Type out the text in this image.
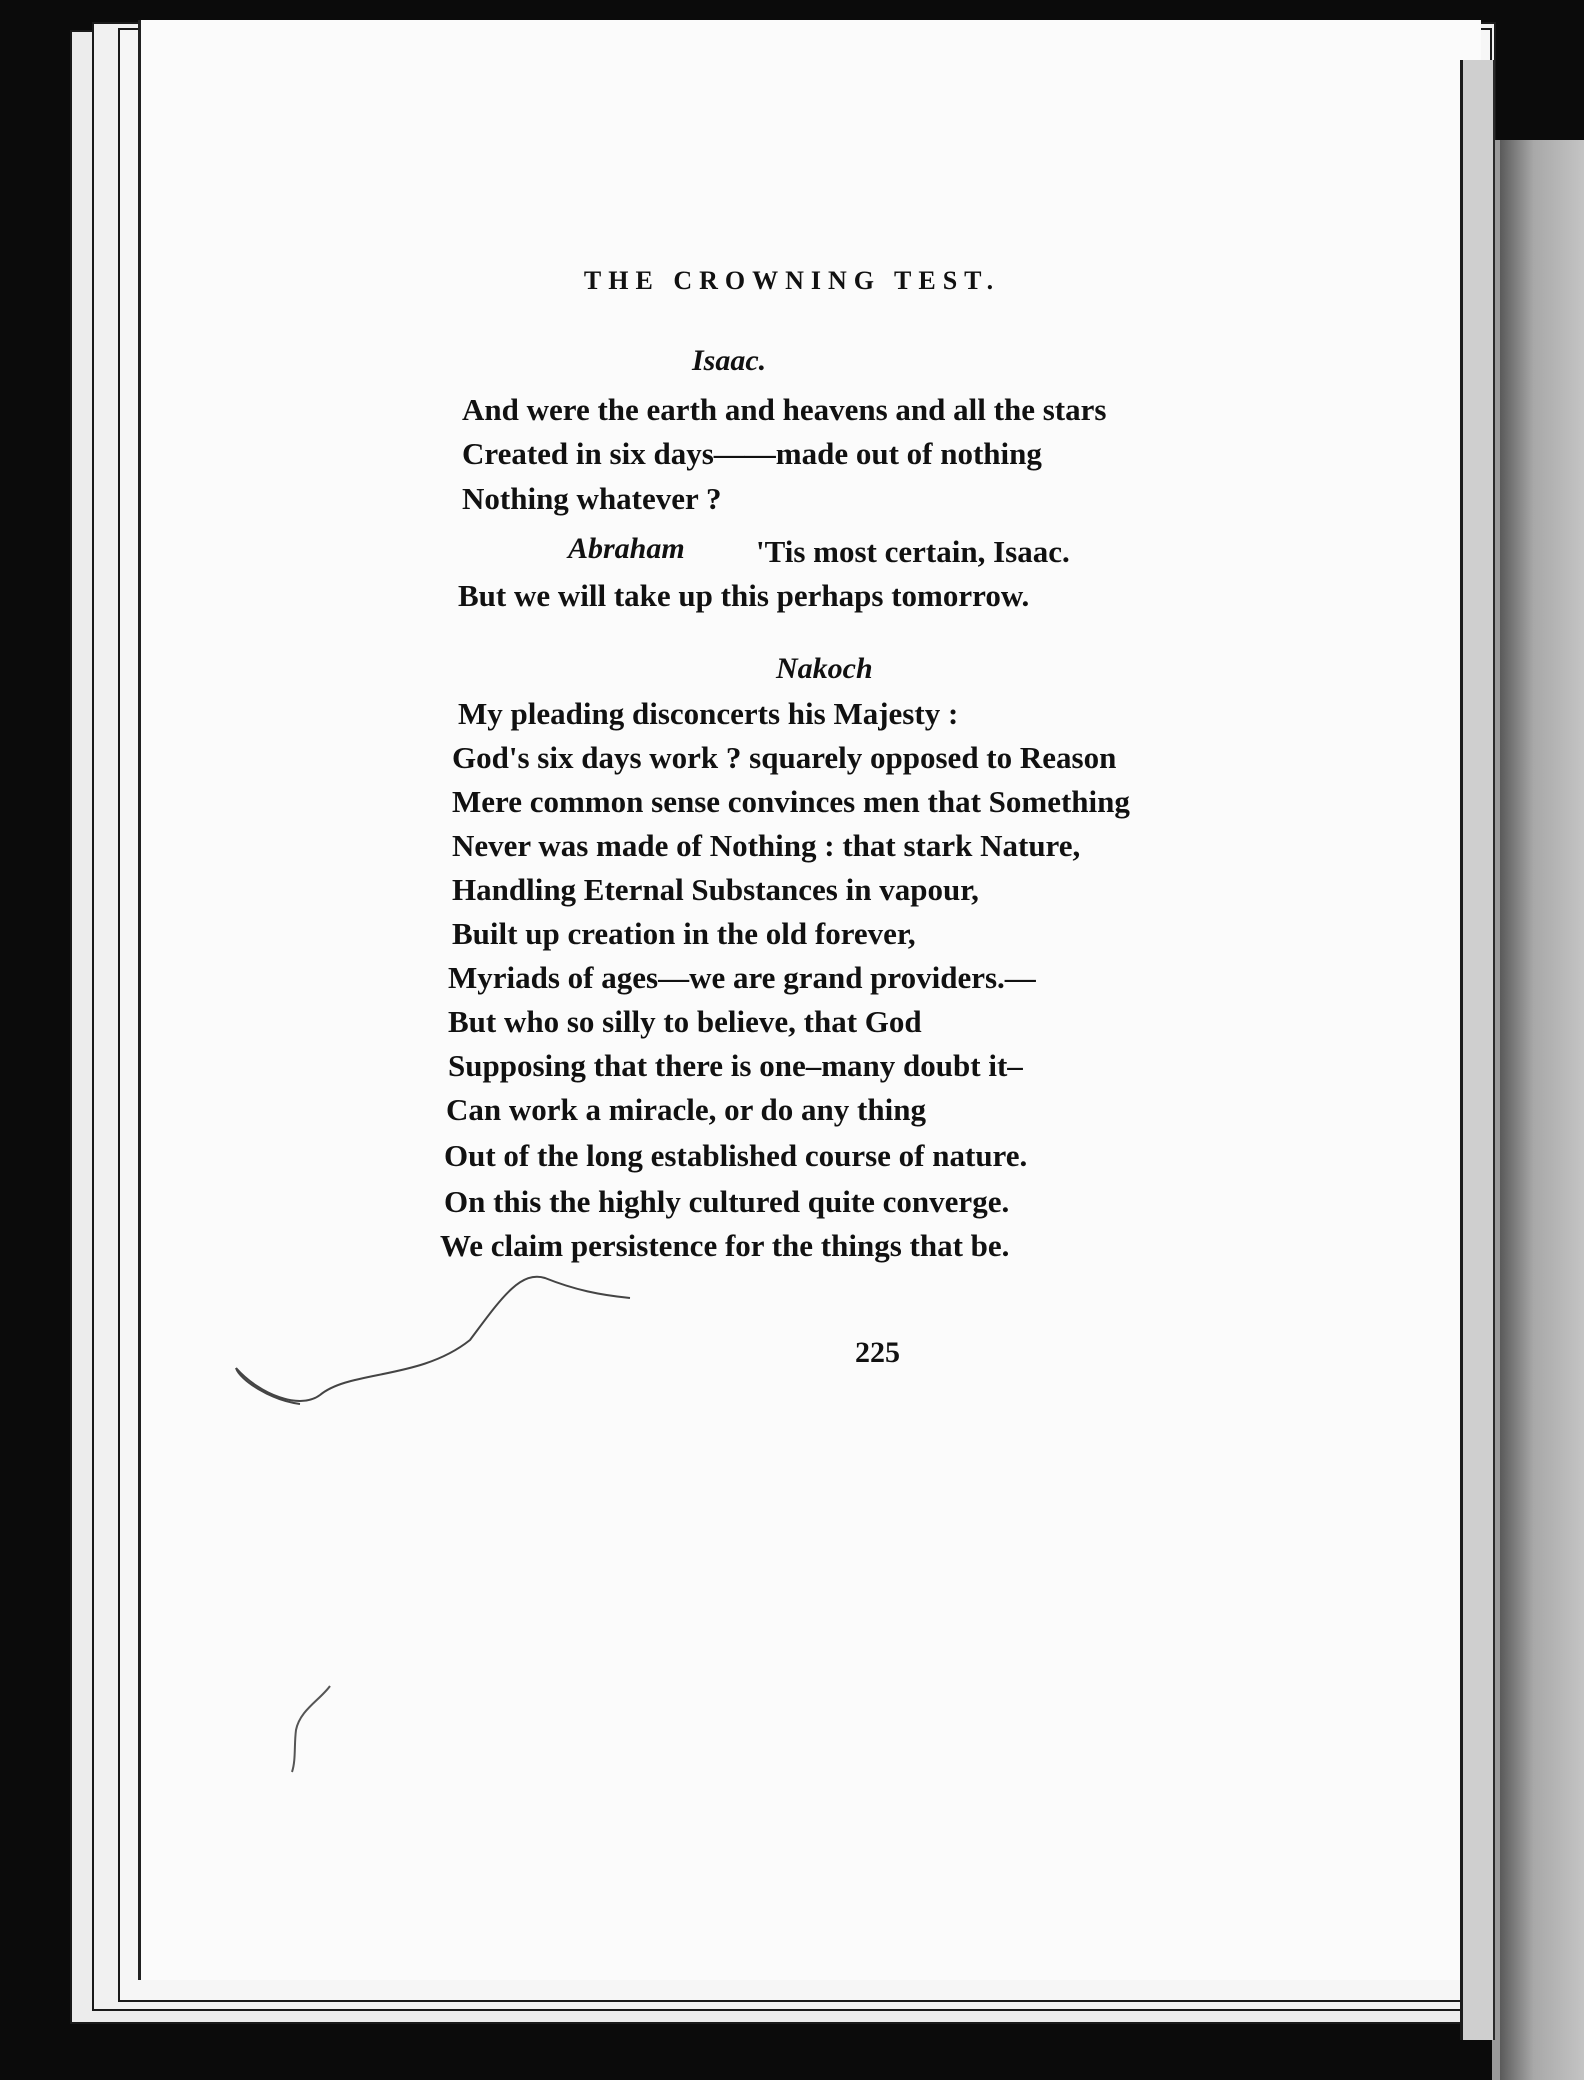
THE CROWNING TEST.
Isaac.
And were the earth and heavens and all the stars
Created in six days——made out of nothing
Nothing whatever ?
Abraham 'Tis most certain, Isaac.
But we will take up this perhaps tomorrow.
Nakoch
My pleading disconcerts his Majesty :
God's six days work ? squarely opposed to Reason
Mere common sense convinces men that Something
Never was made of Nothing : that stark Nature,
Handling Eternal Substances in vapour,
Built up creation in the old forever,
Myriads of ages—we are grand providers.—
But who so silly to believe, that God
Supposing that there is one–many doubt it–
Can work a miracle, or do any thing
Out of the long established course of nature.
On this the highly cultured quite converge.
We claim persistence for the things that be.
225
